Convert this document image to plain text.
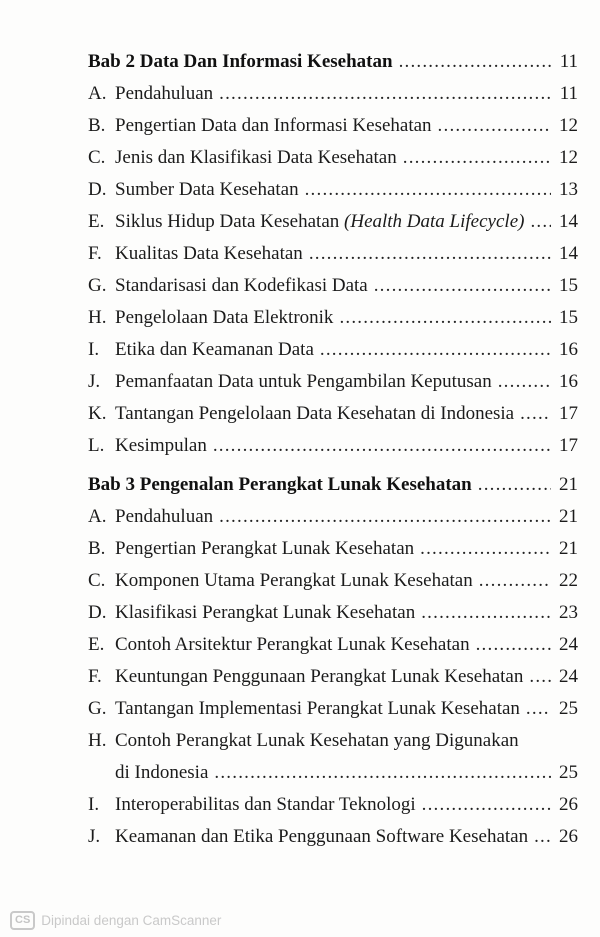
Bab 2 Data Dan Informasi Kesehatan .....	11
A. Pendahuluan .....	11
B. Pengertian Data dan Informasi Kesehatan .....	12
C. Jenis dan Klasifikasi Data Kesehatan .....	12
D. Sumber Data Kesehatan .....	13
E. Siklus Hidup Data Kesehatan (Health Data Lifecycle) ..... 14
F. Kualitas Data Kesehatan .....	14
G. Standarisasi dan Kodefikasi Data .....	15
H. Pengelolaan Data Elektronik .....	15
I. Etika dan Keamanan Data .....	16
J. Pemanfaatan Data untuk Pengambilan Keputusan .....	16
K. Tantangan Pengelolaan Data Kesehatan di Indonesia ..... 17
L. Kesimpulan .....	17
Bab 3 Pengenalan Perangkat Lunak Kesehatan .....	21
A. Pendahuluan .....	21
B. Pengertian Perangkat Lunak Kesehatan .....	21
C. Komponen Utama Perangkat Lunak Kesehatan .....	22
D. Klasifikasi Perangkat Lunak Kesehatan .....	23
E. Contoh Arsitektur Perangkat Lunak Kesehatan .....	24
F. Keuntungan Penggunaan Perangkat Lunak Kesehatan ..... 24
G. Tantangan Implementasi Perangkat Lunak Kesehatan ..... 25
H. Contoh Perangkat Lunak Kesehatan yang Digunakan
di Indonesia .....	25
I. Interoperabilitas dan Standar Teknologi .....	26
J. Keamanan dan Etika Penggunaan Software Kesehatan ..... 26
CS Dipindai dengan CamScanner
